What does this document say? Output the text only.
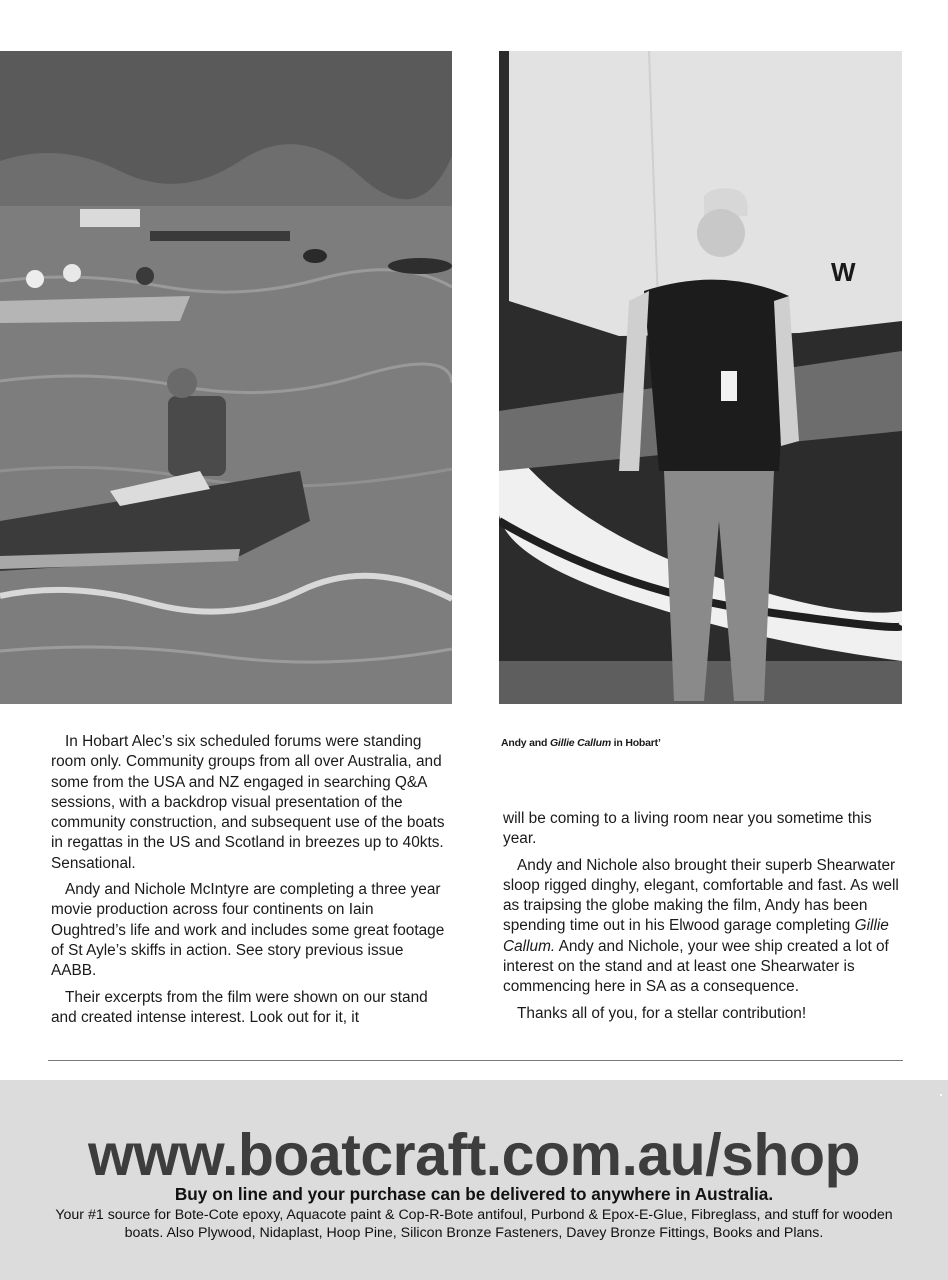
W
Andy and Gillie Callum in Hobart’

In Hobart Alec’s six scheduled forums were standing room only. Community groups from all over Australia, and some from the USA and NZ engaged in searching Q&A sessions, with a backdrop visual presentation of the community construction, and subsequent use of the boats in regattas in the US and Scotland in breezes up to 40kts. Sensational.

Andy and Nichole McIntyre are completing a three year movie production across four continents on Iain Oughtred’s life and work and includes some great footage of St Ayle’s skiffs in action. See story previous issue AABB.

Their excerpts from the film were shown on our stand and created intense interest. Look out for it, it

will be coming to a living room near you sometime this year.

Andy and Nichole also brought their superb Shearwater sloop rigged dinghy, elegant, comfortable and fast. As well as traipsing the globe making the film, Andy has been spending time out in his Elwood garage completing Gillie Callum. Andy and Nichole, your wee ship created a lot of interest on the stand and at least one Shearwater is commencing here in SA as a consequence.

Thanks all of you, for a stellar contribution!

www.boatcraft.com.au/shop
Buy on line and your purchase can be delivered to anywhere in Australia.
Your #1 source for Bote-Cote epoxy, Aquacote paint & Cop-R-Bote antifoul, Purbond & Epox-E-Glue, Fibreglass, and stuff for wooden boats. Also Plywood, Nidaplast, Hoop Pine, Silicon Bronze Fasteners, Davey Bronze Fittings, Books and Plans.
